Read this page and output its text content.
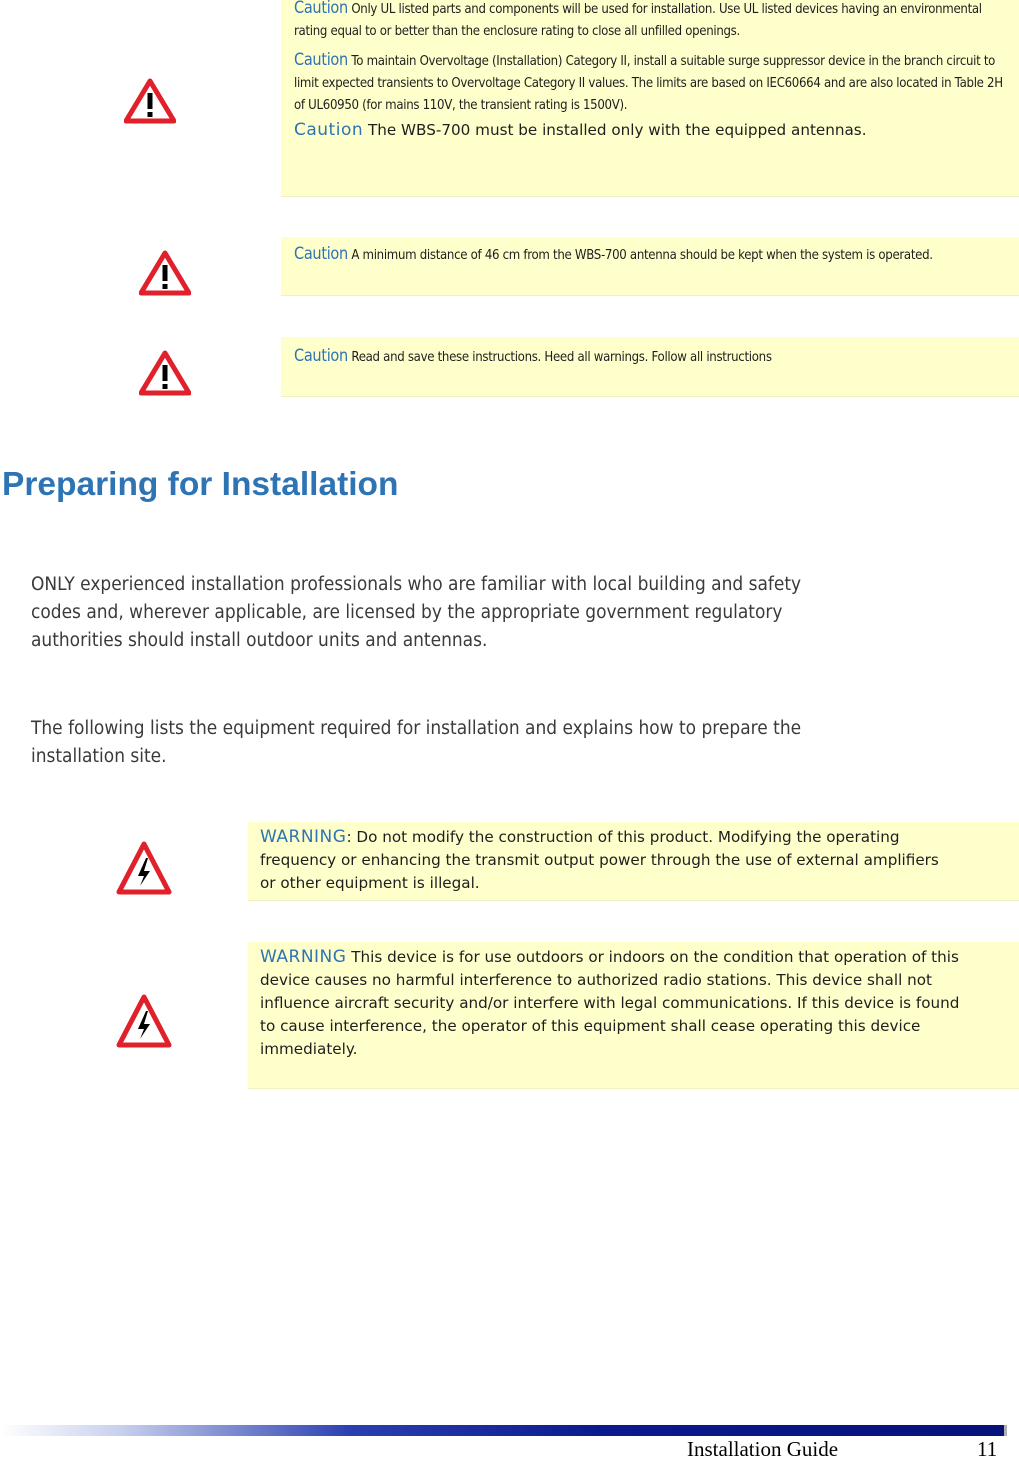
Caution Only UL listed parts and components will be used for installation. Use UL listed devices having an environmental rating equal to or better than the enclosure rating to close all unfilled openings.
Caution To maintain Overvoltage (Installation) Category II, install a suitable surge suppressor device in the branch circuit to limit expected transients to Overvoltage Category II values. The limits are based on IEC60664 and are also located in Table 2H of UL60950 (for mains 110V, the transient rating is 1500V).
Caution The WBS-700 must be installed only with the equipped antennas.
Caution A minimum distance of 46 cm from the WBS-700 antenna should be kept when the system is operated.
Caution Read and save these instructions. Heed all warnings. Follow all instructions
Preparing for Installation

ONLY experienced installation professionals who are familiar with local building and safety codes and, wherever applicable, are licensed by the appropriate government regulatory authorities should install outdoor units and antennas.

The following lists the equipment required for installation and explains how to prepare the installation site.

WARNING: Do not modify the construction of this product. Modifying the operating frequency or enhancing the transmit output power through the use of external amplifiers or other equipment is illegal.
WARNING This device is for use outdoors or indoors on the condition that operation of this device causes no harmful interference to authorized radio stations. This device shall not influence aircraft security and/or interfere with legal communications. If this device is found to cause interference, the operator of this equipment shall cease operating this device immediately.
Installation Guide	11
